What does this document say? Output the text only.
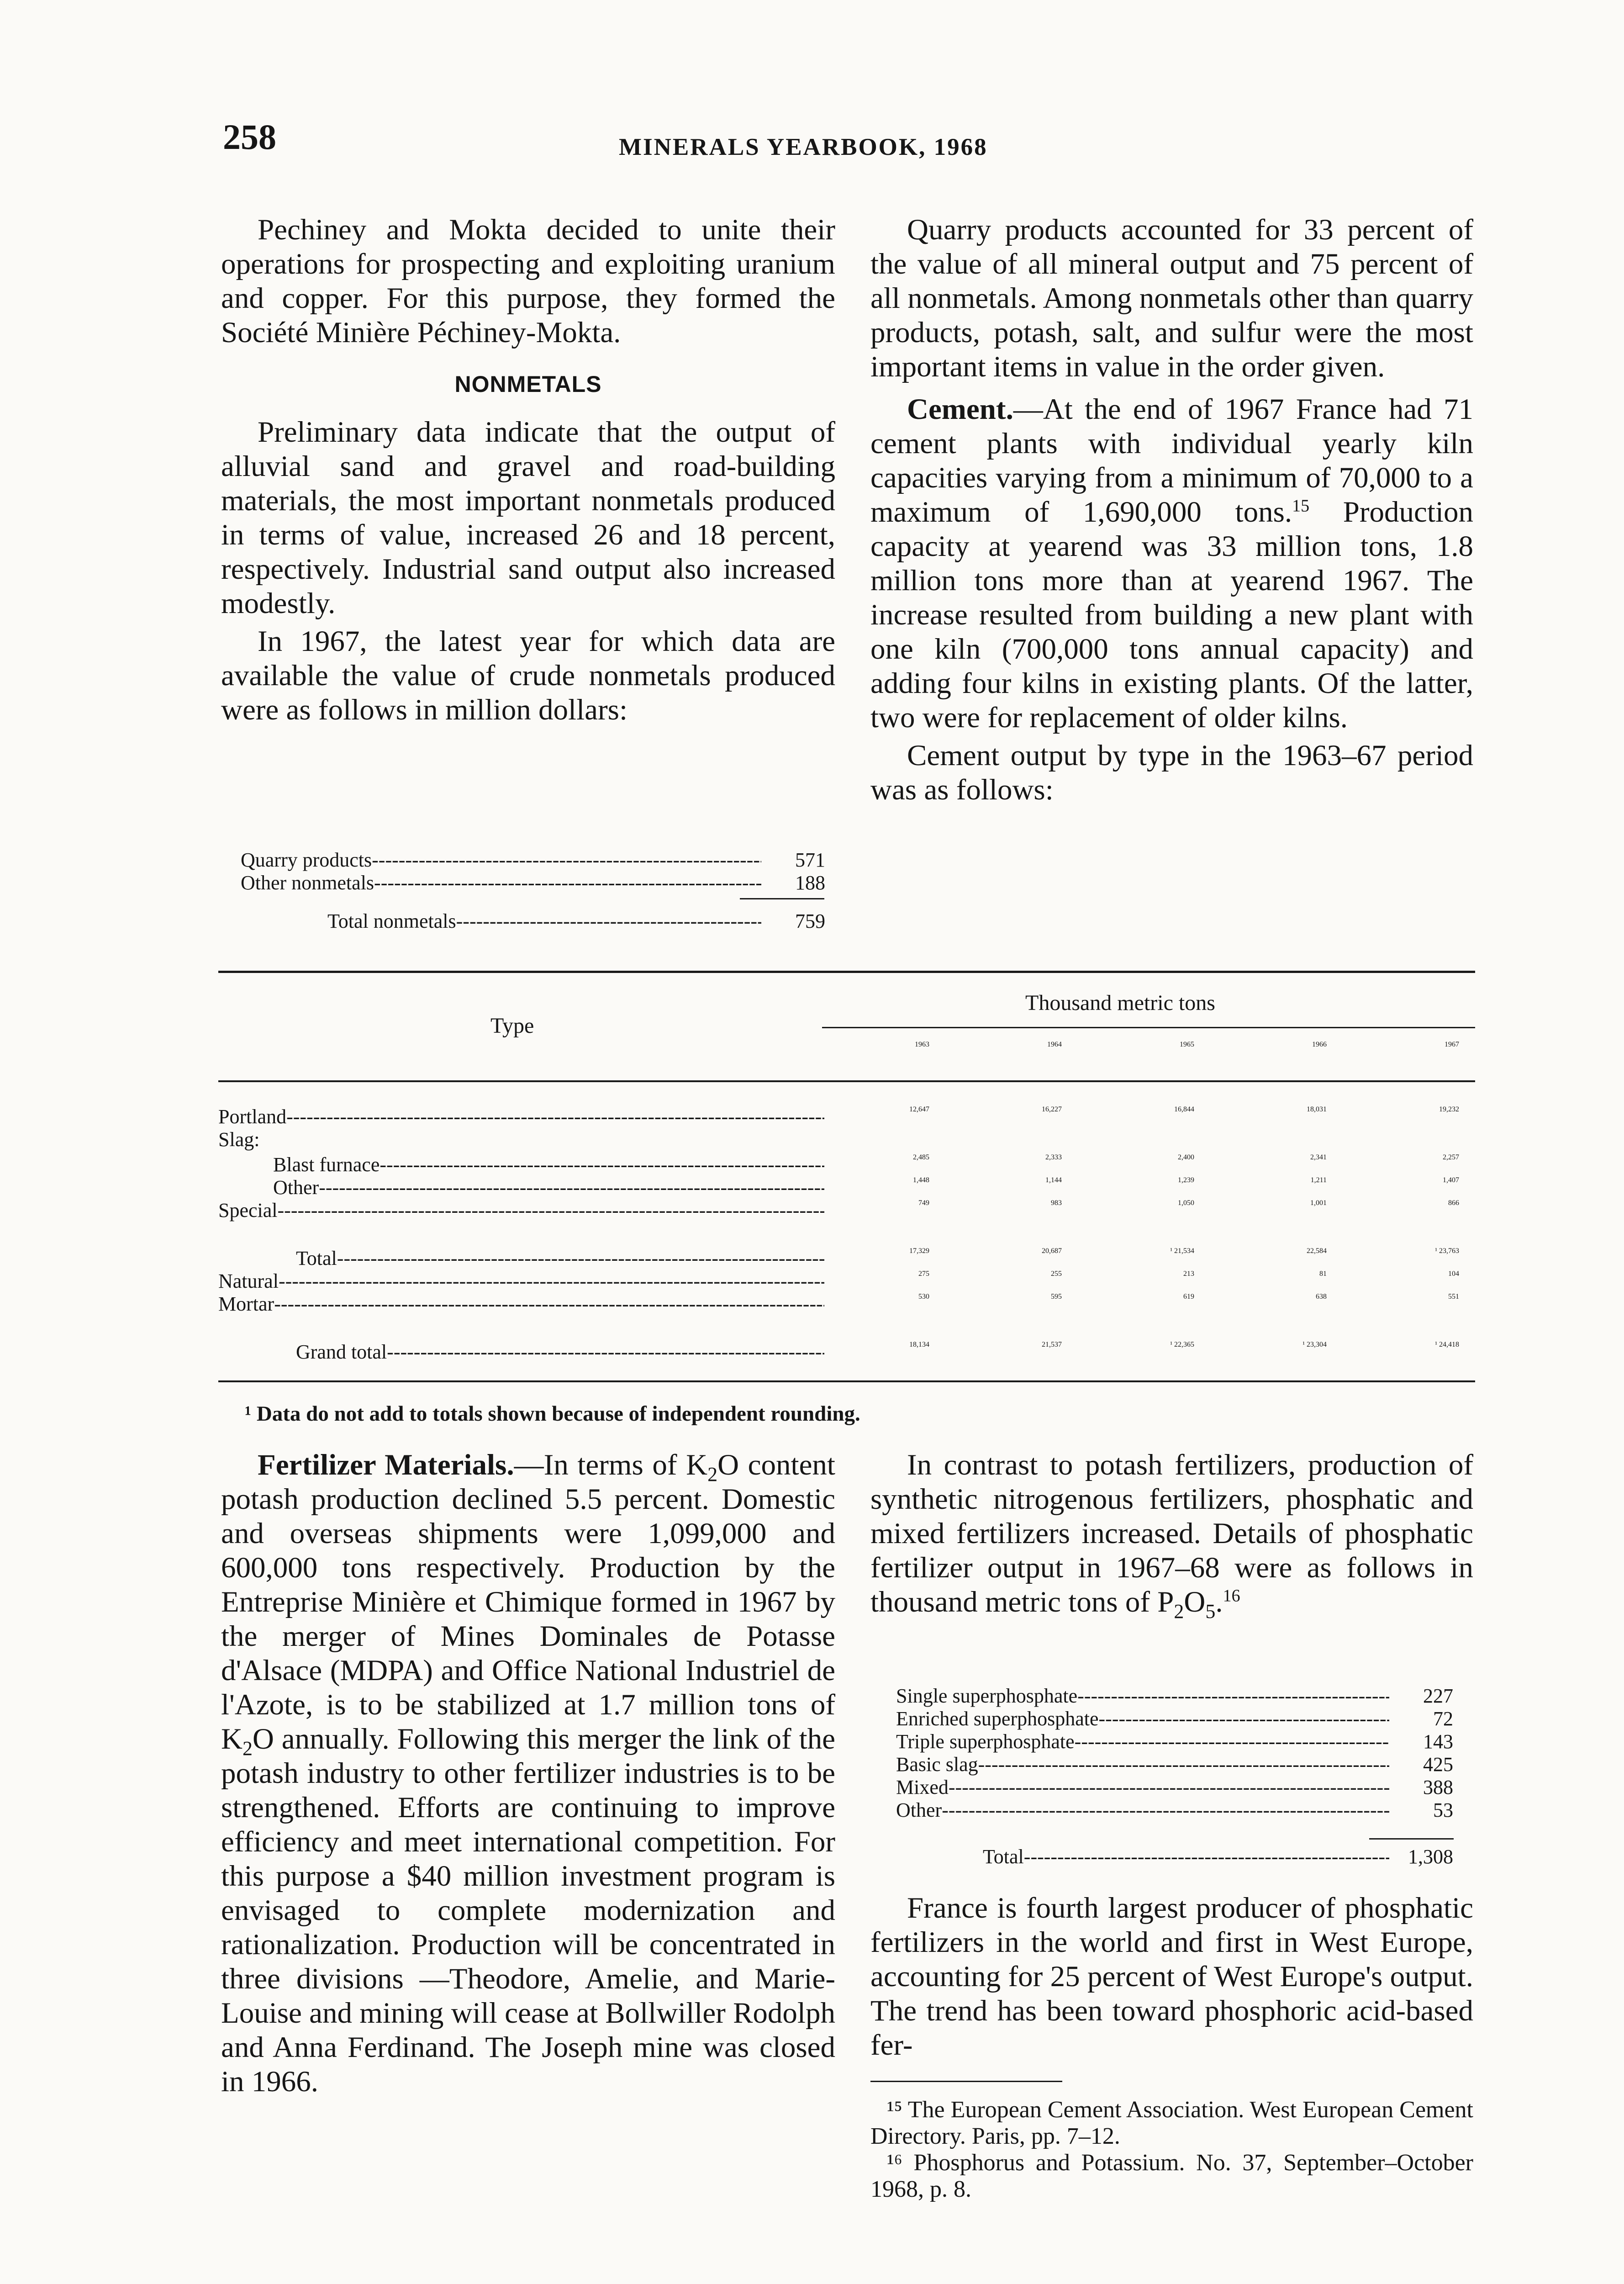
258	MINERALS YEARBOOK, 1968

Pechiney and Mokta decided to unite their operations for prospecting and exploiting uranium and copper. For this purpose, they formed the Société Minière Péchiney-Mokta.

NONMETALS

Preliminary data indicate that the output of alluvial sand and gravel and road-building materials, the most important nonmetals produced in terms of value, increased 26 and 18 percent, respectively. Industrial sand output also increased modestly.

In 1967, the latest year for which data are available the value of crude nonmetals produced were as follows in million dollars:

Quarry products -----	571
Other nonmetals -----	188
Total nonmetals -----	759

Quarry products accounted for 33 percent of the value of all mineral output and 75 percent of all nonmetals. Among nonmetals other than quarry products, potash, salt, and sulfur were the most important items in value in the order given.

Cement.—At the end of 1967 France had 71 cement plants with individual yearly kiln capacities varying from a minimum of 70,000 to a maximum of 1,690,000 tons.$^{15}$ Production capacity at yearend was 33 million tons, 1.8 million tons more than at yearend 1967. The increase resulted from building a new plant with one kiln (700,000 tons annual capacity) and adding four kilns in existing plants. Of the latter, two were for replacement of older kilns.

Cement output by type in the 1963–67 period was as follows:

Type
Thousand metric tons
1963	1964	1965	1966	1967
Portland -----	12,647	16,227	16,844	18,031	19,232
Slag:
Blast furnace -----	2,485	2,333	2,400	2,341	2,257
Other -----	1,448	1,144	1,239	1,211	1,407
Special -----	749	983	1,050	1,001	866
Total -----	17,329	20,687	¹ 21,534	22,584	¹ 23,763
Natural -----	275	255	213	81	104
Mortar -----	530	595	619	638	551
Grand total -----	18,134	21,537	¹ 22,365	¹ 23,304	¹ 24,418
¹ Data do not add to totals shown because of independent rounding.

Fertilizer Materials.—In terms of $K_2O$ content potash production declined 5.5 percent. Domestic and overseas shipments were 1,099,000 and 600,000 tons respectively. Production by the Entreprise Minière et Chimique formed in 1967 by the merger of Mines Dominales de Potasse d'Alsace (MDPA) and Office National Industriel de l'Azote, is to be stabilized at 1.7 million tons of $K_2O$ annually. Following this merger the link of the potash industry to other fertilizer industries is to be strengthened. Efforts are continuing to improve efficiency and meet international competition. For this purpose a $40 million investment program is envisaged to complete modernization and rationalization. Production will be concentrated in three divisions —Theodore, Amelie, and Marie-Louise and mining will cease at Bollwiller Rodolph and Anna Ferdinand. The Joseph mine was closed in 1966.

In contrast to potash fertilizers, production of synthetic nitrogenous fertilizers, phosphatic and mixed fertilizers increased. Details of phosphatic fertilizer output in 1967–68 were as follows in thousand metric tons of $P_2O_5.^{16}$

Single superphosphate -----	227
Enriched superphosphate -----	72
Triple superphosphate -----	143
Basic slag -----	425
Mixed -----	388
Other -----	53
Total -----	1,308

France is fourth largest producer of phosphatic fertilizers in the world and first in West Europe, accounting for 25 percent of West Europe's output. The trend has been toward phosphoric acid-based fer-

¹⁵ The European Cement Association. West European Cement Directory. Paris, pp. 7–12.

¹⁶ Phosphorus and Potassium. No. 37, September–October 1968, p. 8.
